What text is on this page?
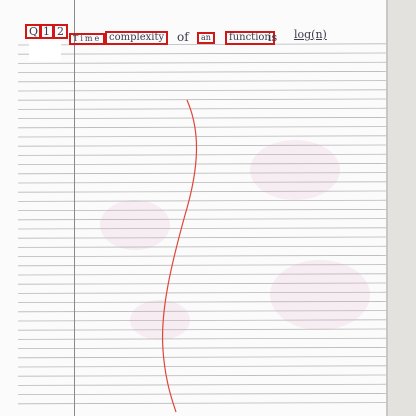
Q 1 2
Time complexity	of	an	function
is log(n)
